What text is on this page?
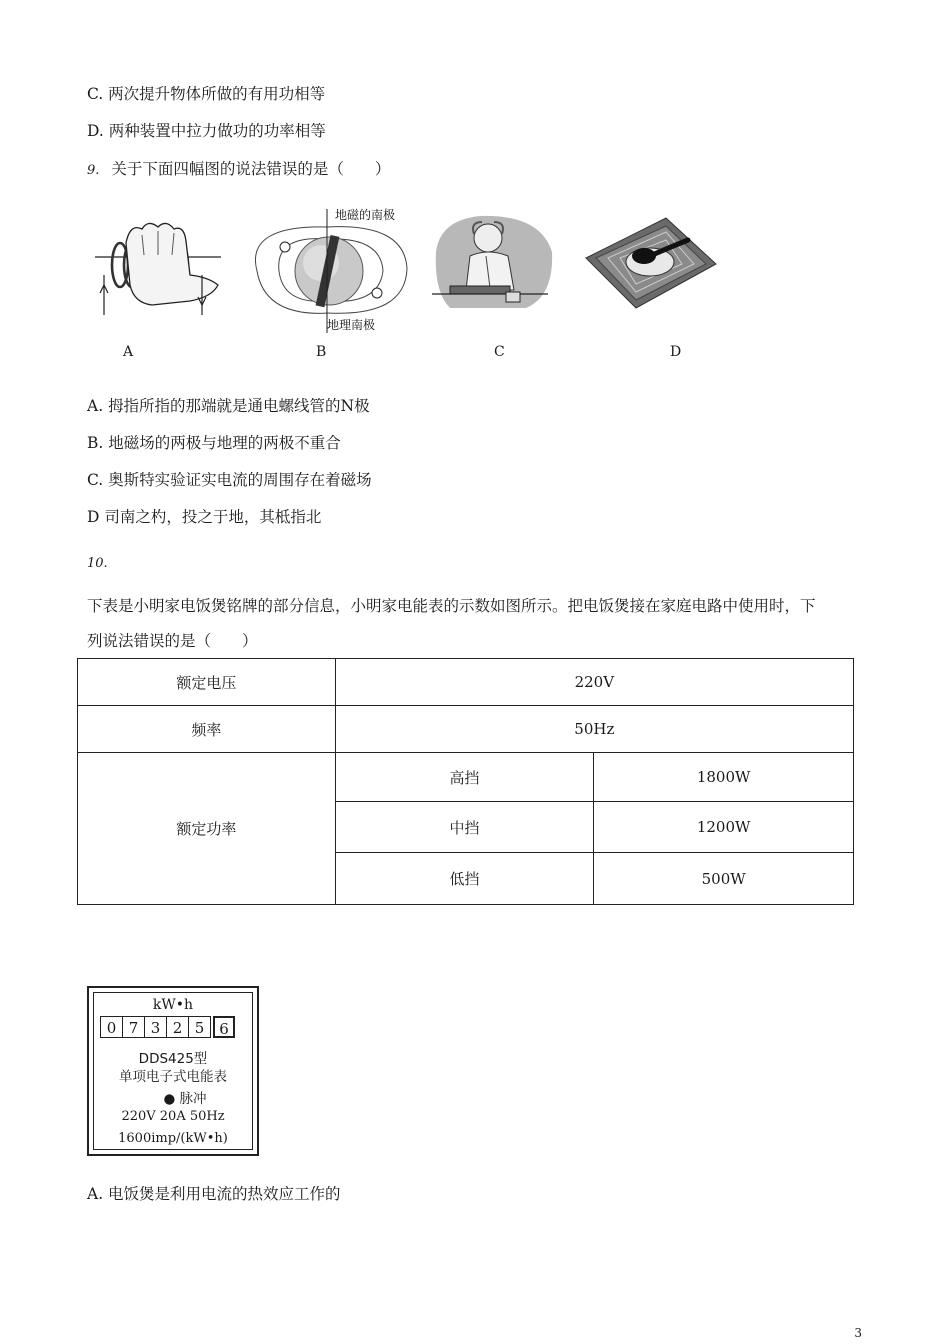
C. 两次提升物体所做的有用功相等
D. 两种装置中拉力做功的功率相等
9. 关于下面四幅图的说法错误的是（　　）
地磁的南极
地理南极
A	B	C	D
A. 拇指所指的那端就是通电螺线管的N极
B. 地磁场的两极与地理的两极不重合
C. 奥斯特实验证实电流的周围存在着磁场
D 司南之杓，投之于地，其柢指北
10.
下表是小明家电饭煲铭牌的部分信息，小明家电能表的示数如图所示。把电饭煲接在家庭电路中使用时，下
列说法错误的是（　　）
额定电压	220V	
频率	50Hz	
额定功率	高挡	1800W
	中挡	1200W
	低挡	500W
kW•h
0 7 3 2 5 6
DDS425型
单项电子式电能表
● 脉冲
220V 20A 50Hz
1600imp/(kW•h)
A. 电饭煲是利用电流的热效应工作的
3
